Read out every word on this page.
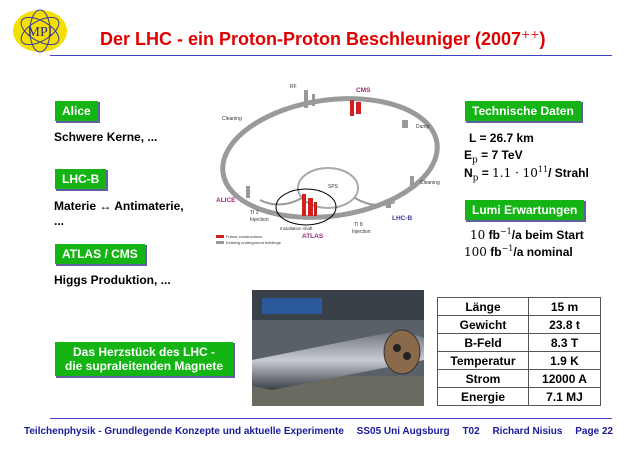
MPI	Der LHC - ein Proton-Proton Beschleuniger (2007++)
Alice
Schwere Kerne, ...
LHC-B
Materie ↔ Antimaterie,
...
ATLAS / CMS
Higgs Produktion, ...
Das Herzstück des LHC -
die supraleitenden Magnete
CMS
ATLAS
ALICE
LHC-B
Dump
Cleaning
Cleaning
SPS
RF
TI 2
Injection
TI 8
Injection
Installation shaft
Future constructions
Existing underground buildings
Technische Daten
L = 26.7 km
$E_p = 7$ TeV
$N_p = 1.1 \cdot 10^{11}/$ Strahl
Lumi Erwartungen
10 $fb^{-1}/a$ beim Start
100 $fb^{-1}/a$ nominal
Länge	15 m
Gewicht	23.8 t
B-Feld	8.3 T
Temperatur	1.9 K
Strom	12000 A
Energie	7.1 MJ
Teilchenphysik - Grundlegende Konzepte und aktuelle Experimente SS05 Uni Augsburg T02 Richard Nisius Page 22
